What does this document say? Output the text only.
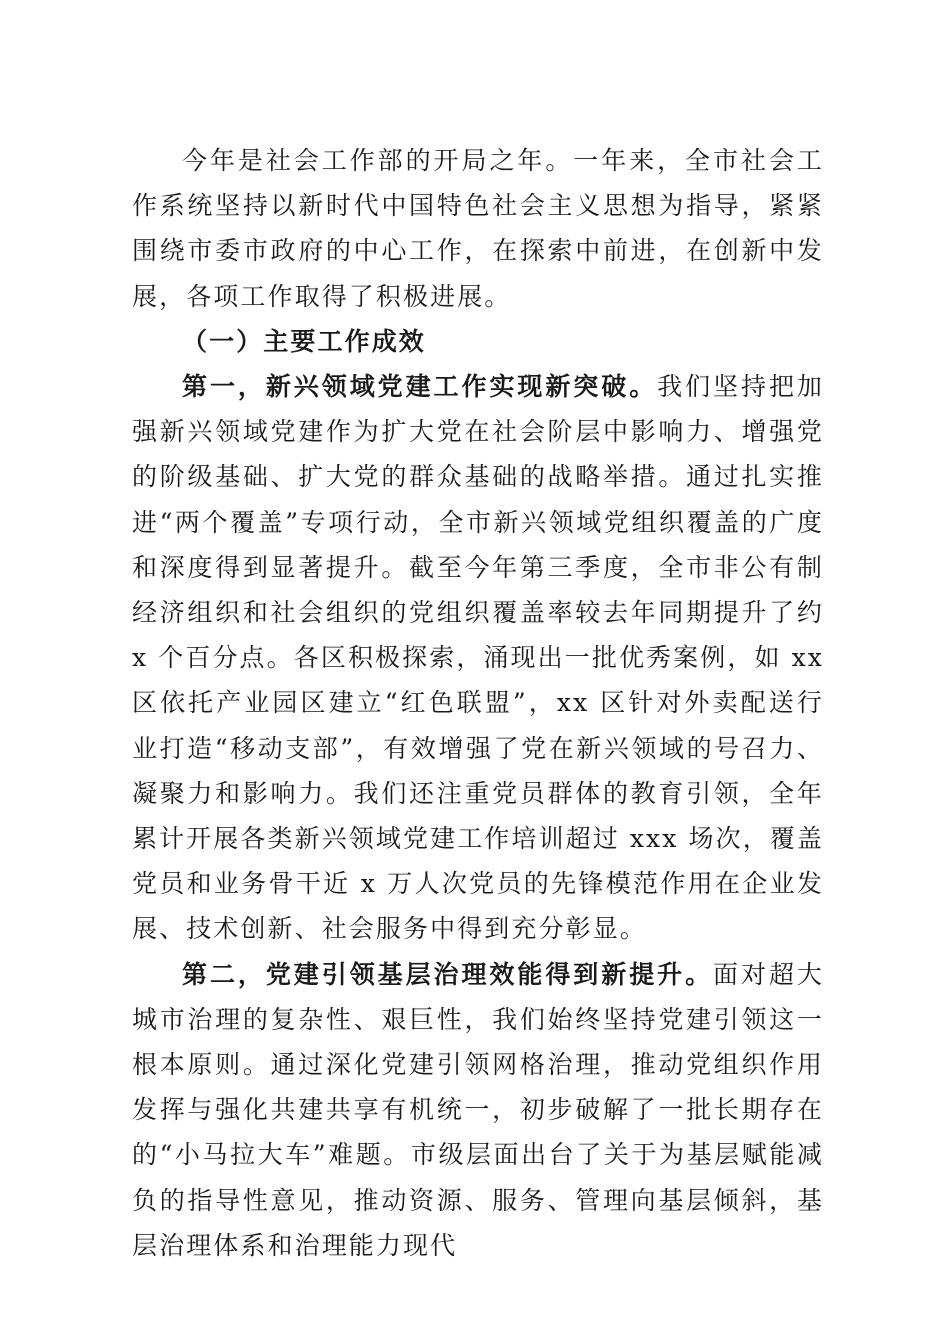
今年是社会工作部的开局之年。一年来，全市社会工作系统坚持以新时代中国特色社会主义思想为指导，紧紧围绕市委市政府的中心工作，在探索中前进，在创新中发展，各项工作取得了积极进展。

（一）主要工作成效

第一，新兴领域党建工作实现新突破。我们坚持把加强新兴领域党建作为扩大党在社会阶层中影响力、增强党的阶级基础、扩大党的群众基础的战略举措。通过扎实推进“两个覆盖”专项行动，全市新兴领域党组织覆盖的广度和深度得到显著提升。截至今年第三季度，全市非公有制经济组织和社会组织的党组织覆盖率较去年同期提升了约 x 个百分点。各区积极探索，涌现出一批优秀案例，如 xx 区依托产业园区建立“红色联盟”，xx 区针对外卖配送行业打造“移动支部”，有效增强了党在新兴领域的号召力、凝聚力和影响力。我们还注重党员群体的教育引领，全年累计开展各类新兴领域党建工作培训超过 xxx 场次，覆盖党员和业务骨干近 x 万人次党员的先锋模范作用在企业发展、技术创新、社会服务中得到充分彰显。

第二，党建引领基层治理效能得到新提升。面对超大城市治理的复杂性、艰巨性，我们始终坚持党建引领这一根本原则。通过深化党建引领网格治理，推动党组织作用发挥与强化共建共享有机统一，初步破解了一批长期存在的“小马拉大车”难题。市级层面出台了关于为基层赋能减负的指导性意见，推动资源、服务、管理向基层倾斜，基层治理体系和治理能力现代
